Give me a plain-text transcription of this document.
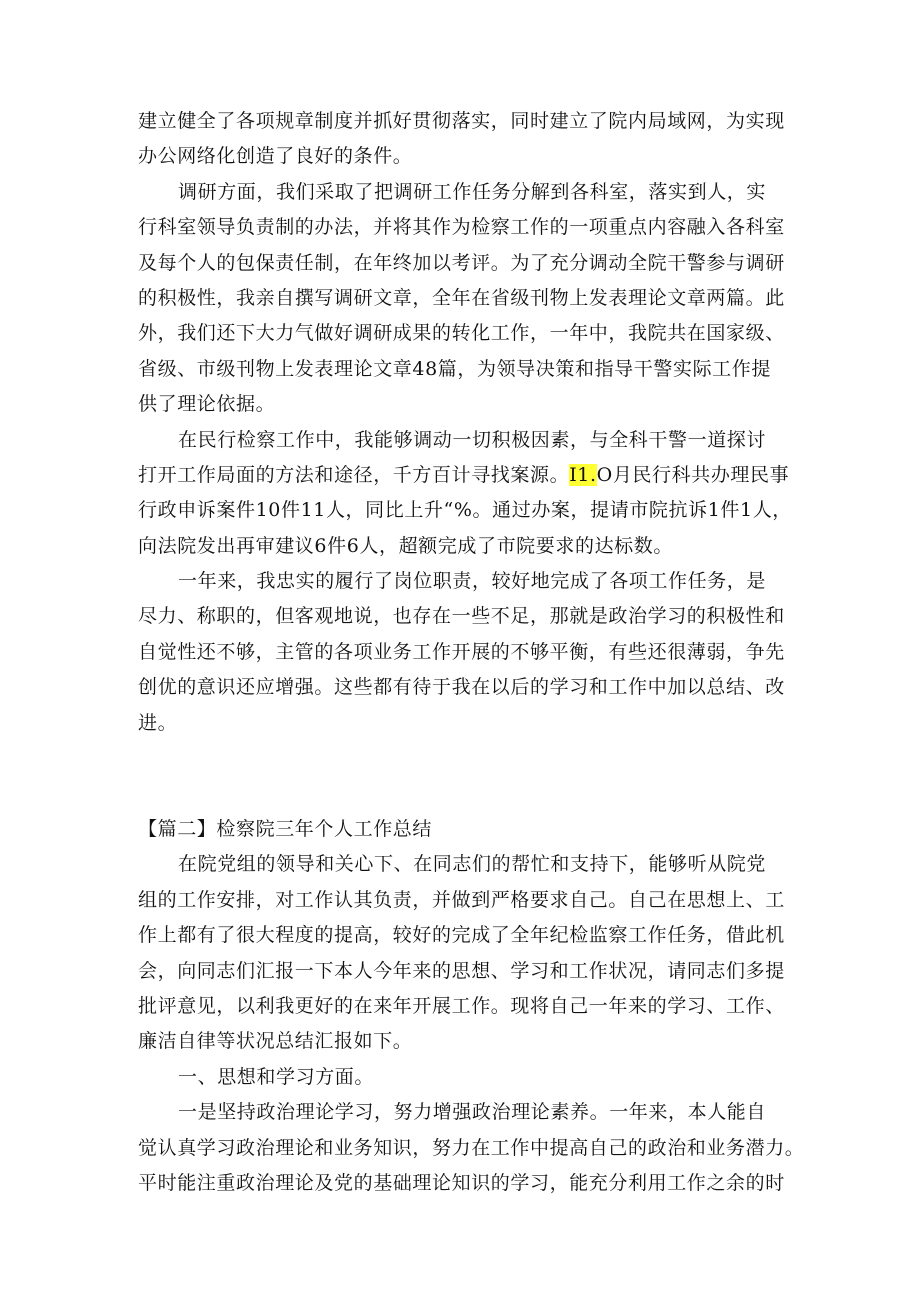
建立健全了各项规章制度并抓好贯彻落实，同时建立了院内局域网，为实现
办公网络化创造了良好的条件。
调研方面，我们采取了把调研工作任务分解到各科室，落实到人，实
行科室领导负责制的办法，并将其作为检察工作的一项重点内容融入各科室
及每个人的包保责任制，在年终加以考评。为了充分调动全院干警参与调研
的积极性，我亲自撰写调研文章，全年在省级刊物上发表理论文章两篇。此
外，我们还下大力气做好调研成果的转化工作，一年中，我院共在国家级、
省级、市级刊物上发表理论文章48篇，为领导决策和指导干警实际工作提
供了理论依据。
在民行检察工作中，我能够调动一切积极因素，与全科干警一道探讨
打开工作局面的方法和途径，千方百计寻找案源。I1.O月民行科共办理民事
行政申诉案件10件11人，同比上升“%。通过办案，提请市院抗诉1件1人，
向法院发出再审建议6件6人，超额完成了市院要求的达标数。
一年来，我忠实的履行了岗位职责，较好地完成了各项工作任务，是
尽力、称职的，但客观地说，也存在一些不足，那就是政治学习的积极性和
自觉性还不够，主管的各项业务工作开展的不够平衡，有些还很薄弱，争先
创优的意识还应增强。这些都有待于我在以后的学习和工作中加以总结、改
进。
【篇二】检察院三年个人工作总结
在院党组的领导和关心下、在同志们的帮忙和支持下，能够听从院党
组的工作安排，对工作认其负责，并做到严格要求自己。自己在思想上、工
作上都有了很大程度的提高，较好的完成了全年纪检监察工作任务，借此机
会，向同志们汇报一下本人今年来的思想、学习和工作状况，请同志们多提
批评意见，以利我更好的在来年开展工作。现将自己一年来的学习、工作、
廉洁自律等状况总结汇报如下。
一、思想和学习方面。
一是坚持政治理论学习，努力增强政治理论素养。一年来，本人能自
觉认真学习政治理论和业务知识，努力在工作中提高自己的政治和业务潜力。
平时能注重政治理论及党的基础理论知识的学习，能充分利用工作之余的时
